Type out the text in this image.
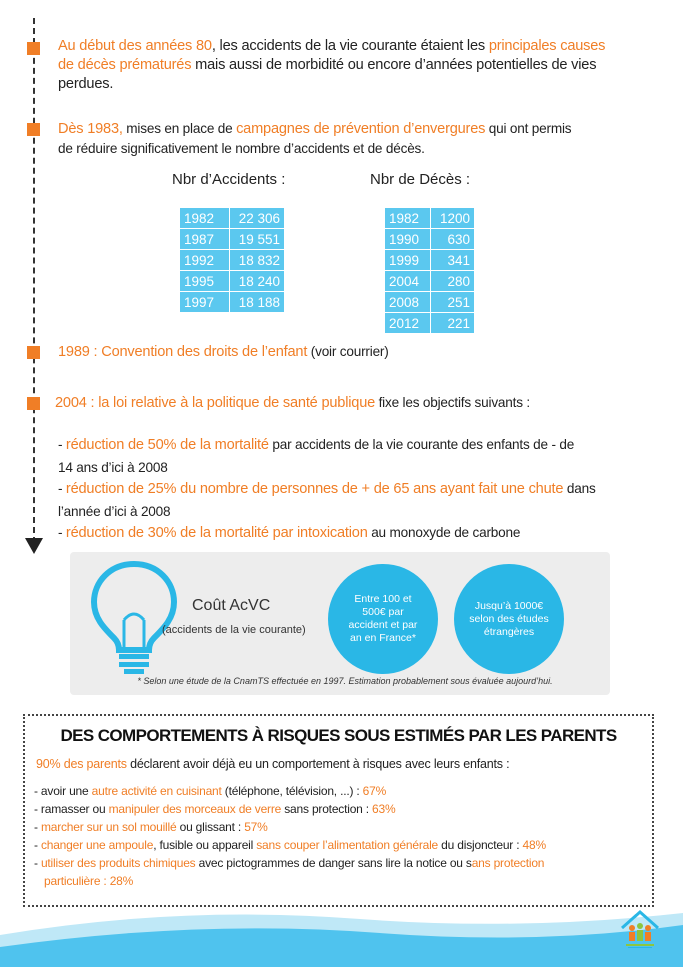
Au début des années 80, les accidents de la vie courante étaient les principales causes
de décès prématurés mais aussi de morbidité ou encore d’années potentielles de vies
perdues.
Dès 1983, mises en place de campagnes de prévention d’envergures qui ont permis
de réduire significativement le nombre d’accidents et de décès.
Nbr d’Accidents :
1982	22 306
1987	19 551
1992	18 832
1995	18 240
1997	18 188
Nbr de Décès :
1982	1200
1990	630
1999	341
2004	280
2008	251
2012	221
1989 : Convention des droits de l’enfant (voir courrier)
2004 : la loi relative à la politique de santé publique fixe les objectifs suivants :
- réduction de 50% de la mortalité par accidents de la vie courante des enfants de - de
14 ans d’ici à 2008
- réduction de 25% du nombre de personnes de + de 65 ans ayant fait une chute dans
l’année d’ici à 2008
- réduction de 30% de la mortalité par intoxication au monoxyde de carbone
Coût AcVC
(accidents de la vie courante)
Entre 100 et 500€ par accident et par an en France*
Jusqu’à 1000€ selon des études étrangères
* Selon une étude de la CnamTS effectuée en 1997. Estimation probablement sous évaluée aujourd’hui.
DES COMPORTEMENTS À RISQUES SOUS ESTIMÉS PAR LES PARENTS
90% des parents déclarent avoir déjà eu un comportement à risques avec leurs enfants :
- avoir une autre activité en cuisinant (téléphone, télévision, ...) : 67%
- ramasser ou manipuler des morceaux de verre sans protection : 63%
- marcher sur un sol mouillé ou glissant : 57%
- changer une ampoule, fusible ou appareil sans couper l’alimentation générale du disjoncteur : 48%
- utiliser des produits chimiques avec pictogrammes de danger sans lire la notice ou sans protection
particulière : 28%
